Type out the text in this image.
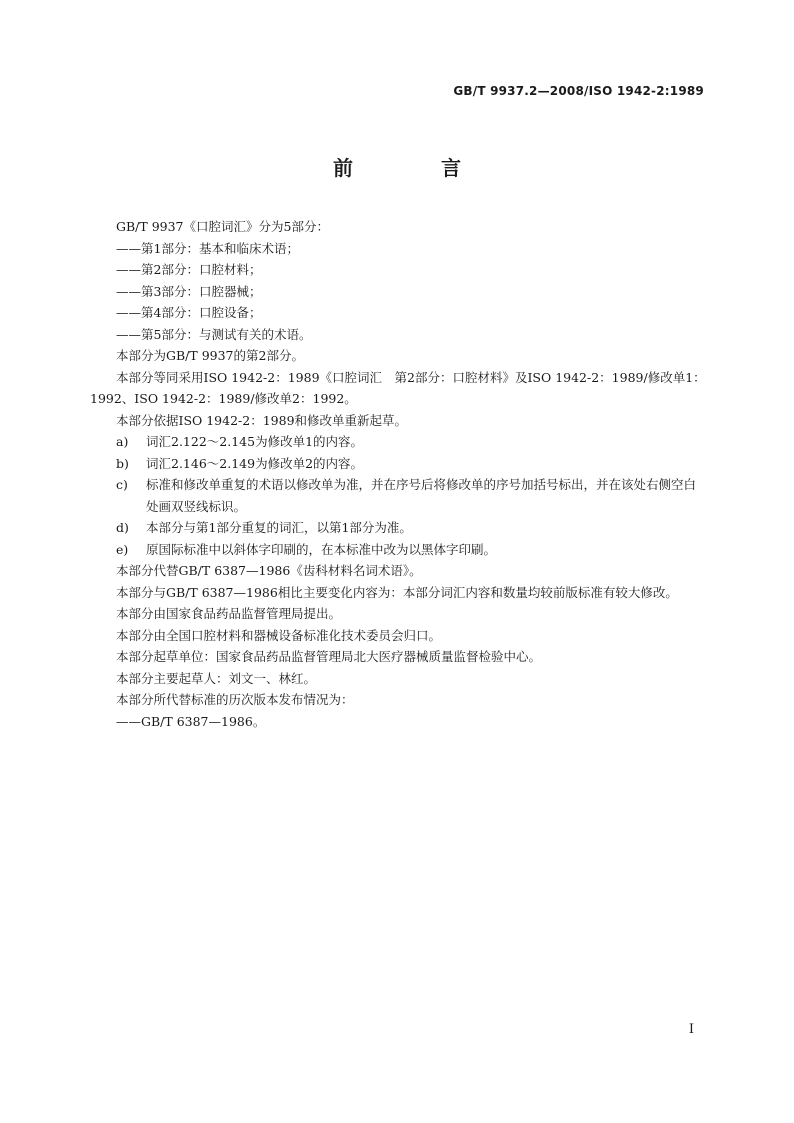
GB/T 9937.2—2008/ISO 1942-2:1989
前　言

GB/T 9937《口腔词汇》分为5部分：

——第1部分：基本和临床术语；

——第2部分：口腔材料；

——第3部分：口腔器械；

——第4部分：口腔设备；

——第5部分：与测试有关的术语。

本部分为GB/T 9937的第2部分。

本部分等同采用ISO 1942-2：1989《口腔词汇　第2部分：口腔材料》及ISO 1942-2：1989/修改单1：1992、ISO 1942-2：1989/修改单2：1992。

本部分依据ISO 1942-2：1989和修改单重新起草。

a) 词汇2.122～2.145为修改单1的内容。

b) 词汇2.146～2.149为修改单2的内容。

c) 标准和修改单重复的术语以修改单为准，并在序号后将修改单的序号加括号标出，并在该处右侧空白处画双竖线标识。

d) 本部分与第1部分重复的词汇，以第1部分为准。

e) 原国际标准中以斜体字印刷的，在本标准中改为以黑体字印刷。

本部分代替GB/T 6387—1986《齿科材料名词术语》。

本部分与GB/T 6387—1986相比主要变化内容为：本部分词汇内容和数量均较前版标准有较大修改。

本部分由国家食品药品监督管理局提出。

本部分由全国口腔材料和器械设备标准化技术委员会归口。

本部分起草单位：国家食品药品监督管理局北大医疗器械质量监督检验中心。

本部分主要起草人：刘文一、林红。

本部分所代替标准的历次版本发布情况为：

——GB/T 6387—1986。

I
